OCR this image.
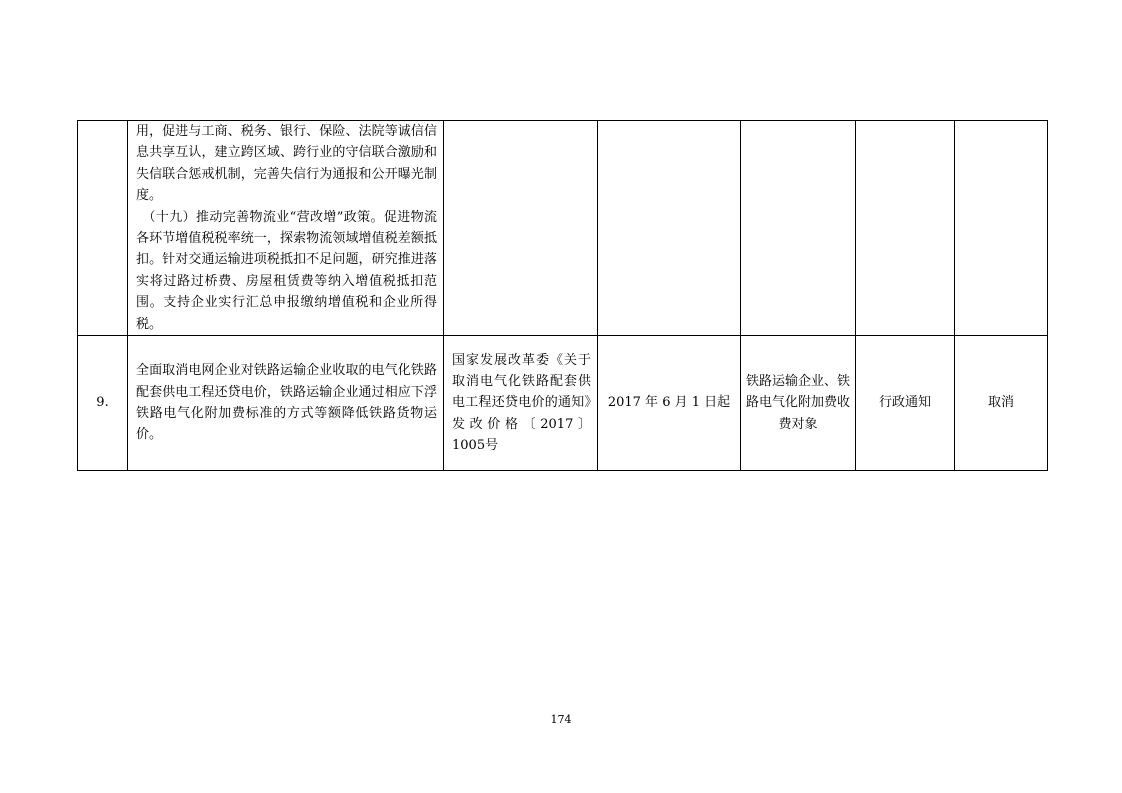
	用，促进与工商、税务、银行、保险、法院等诚信信息共享互认，建立跨区域、跨行业的守信联合激励和失信联合惩戒机制，完善失信行为通报和公开曝光制度。

（十九）推动完善物流业“营改增”政策。促进物流各环节增值税税率统一，探索物流领域增值税差额抵扣。针对交通运输进项税抵扣不足问题，研究推进落实将过路过桥费、房屋租赁费等纳入增值税抵扣范围。支持企业实行汇总申报缴纳增值税和企业所得税。					

9.	全面取消电网企业对铁路运输企业收取的电气化铁路配套供电工程还贷电价，铁路运输企业通过相应下浮铁路电气化附加费标准的方式等额降低铁路货物运价。	国家发展改革委《关于取消电气化铁路配套供电工程还贷电价的通知》发改价格〔2017〕1005号	2017 年 6 月 1 日起	铁路运输企业、铁路电气化附加费收费对象	行政通知	取消
174
